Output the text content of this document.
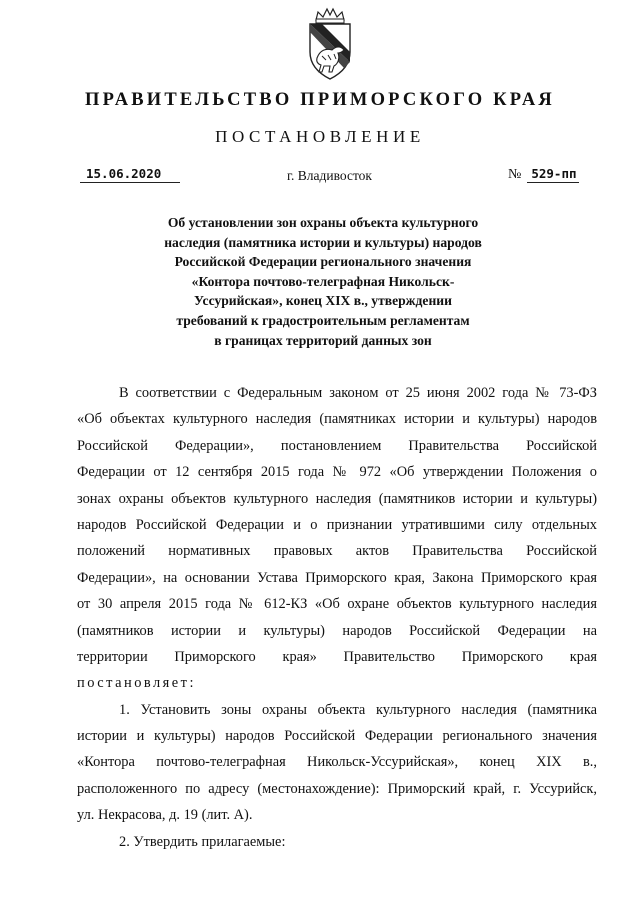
ПРАВИТЕЛЬСТВО ПРИМОРСКОГО КРАЯ
ПОСТАНОВЛЕНИЕ
15.06.2020	г. Владивосток	№ 529-пп
Об установлении зон охраны объекта культурного
наследия (памятника истории и культуры) народов
Российской Федерации регионального значения
«Контора почтово-телеграфная Никольск-
Уссурийская», конец XIX в., утверждении
требований к градостроительным регламентам
в границах территорий данных зон
В соответствии с Федеральным законом от 25 июня 2002 года № 73-ФЗ
«Об объектах культурного наследия (памятниках истории и культуры) народов
Российской Федерации», постановлением Правительства Российской
Федерации от 12 сентября 2015 года № 972 «Об утверждении Положения о
зонах охраны объектов культурного наследия (памятников истории и культуры)
народов Российской Федерации и о признании утратившими силу отдельных
положений нормативных правовых актов Правительства Российской
Федерации», на основании Устава Приморского края, Закона Приморского края
от 30 апреля 2015 года № 612-КЗ «Об охране объектов культурного наследия
(памятников истории и культуры) народов Российской Федерации на
территории Приморского края» Правительство Приморского края
постановляет:
1. Установить зоны охраны объекта культурного наследия (памятника
истории и культуры) народов Российской Федерации регионального значения
«Контора почтово-телеграфная Никольск-Уссурийская», конец XIX в.,
расположенного по адресу (местонахождение): Приморский край, г. Уссурийск,
ул. Некрасова, д. 19 (лит. А).
2. Утвердить прилагаемые:
